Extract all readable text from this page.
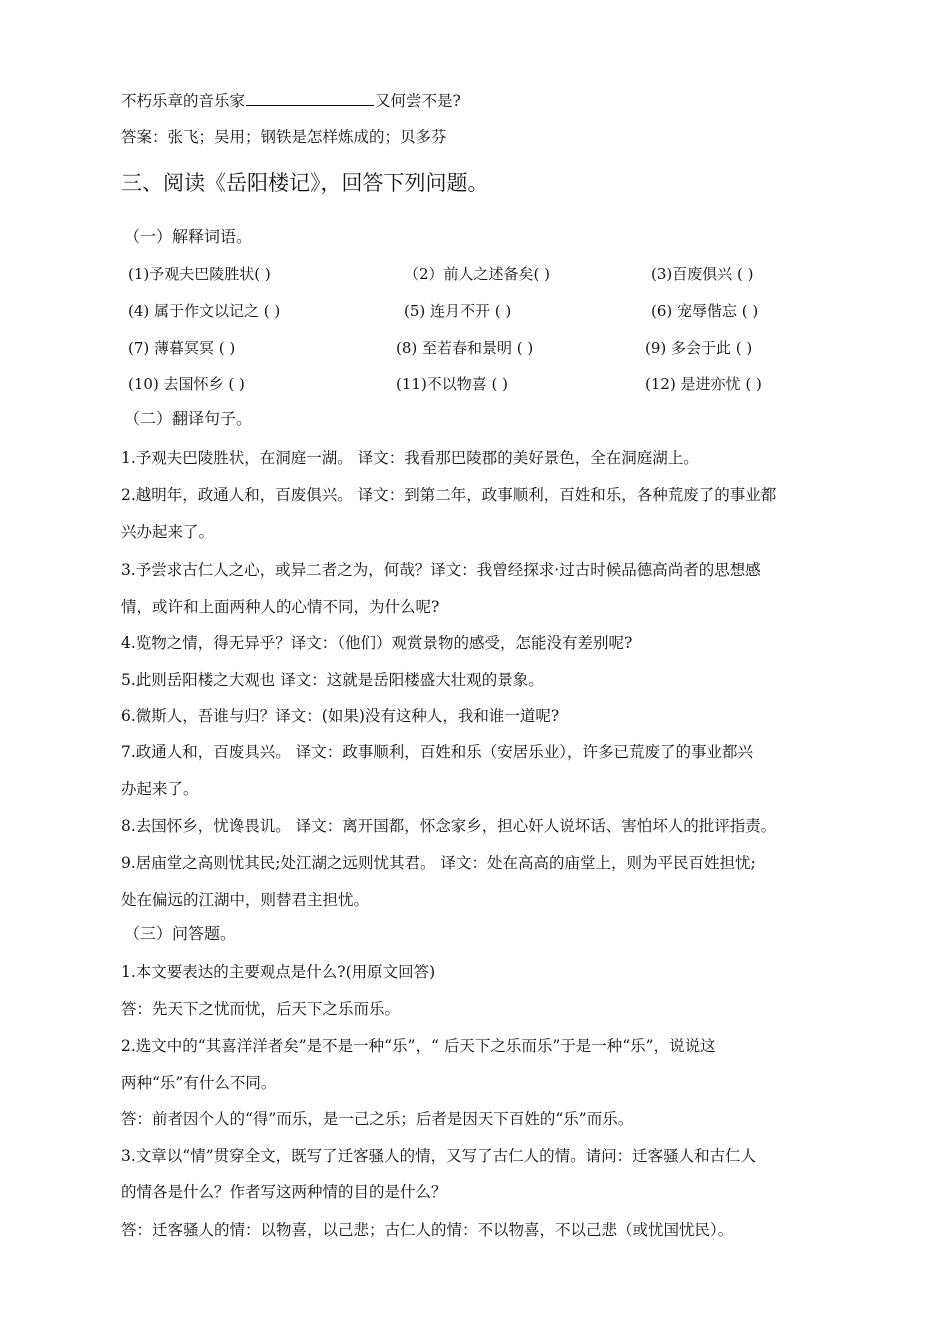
不朽乐章的音乐家	又何尝不是?
答案：张飞；吴用；钢铁是怎样炼成的；贝多芬
三、阅读《岳阳楼记》，回答下列问题。
（一）解释词语。
(1)予观夫巴陵胜状( )	（2）前人之述备矣( )	(3)百废俱兴 ( )
(4) 属于作文以记之 ( )	(5) 连月不开 ( )	(6) 宠辱偕忘 ( )
(7) 薄暮冥冥 ( )	(8) 至若春和景明 ( )	(9) 多会于此 ( )
(10) 去国怀乡 ( )	(11)不以物喜 ( )	(12) 是进亦忧 ( )
（二）翻译句子。
1.予观夫巴陵胜状，在洞庭一湖。 译文：我看那巴陵郡的美好景色，全在洞庭湖上。
2.越明年，政通人和，百废俱兴。 译文：到第二年，政事顺利，百姓和乐，各种荒废了的事业都
兴办起来了。
3.予尝求古仁人之心，或异二者之为，何哉？译文：我曾经探求·过古时候品德高尚者的思想感
情，或许和上面两种人的心情不同，为什么呢?
4.览物之情，得无异乎？译文：（他们）观赏景物的感受，怎能没有差别呢?
5.此则岳阳楼之大观也 译文：这就是岳阳楼盛大壮观的景象。
6.微斯人，吾谁与归？译文：(如果)没有这种人，我和谁一道呢?
7.政通人和，百废具兴。 译文：政事顺利，百姓和乐（安居乐业），许多已荒废了的事业都兴
办起来了。
8.去国怀乡，忧谗畏讥。 译文：离开国都，怀念家乡，担心奸人说坏话、害怕坏人的批评指责。
9.居庙堂之高则忧其民;处江湖之远则忧其君。 译文：处在高高的庙堂上，则为平民百姓担忧;
处在偏远的江湖中，则替君主担忧。
（三）问答题。
1.本文要表达的主要观点是什么?(用原文回答)
答：先天下之忧而忧，后天下之乐而乐。
2.选文中的“其喜洋洋者矣”是不是一种“乐”，“ 后天下之乐而乐”于是一种“乐”，说说这
两种“乐”有什么不同。
答：前者因个人的“得”而乐，是一己之乐；后者是因天下百姓的“乐”而乐。
3.文章以“情”贯穿全文，既写了迁客骚人的情，又写了古仁人的情。请问：迁客骚人和古仁人
的情各是什么？作者写这两种情的目的是什么？
答：迁客骚人的情：以物喜，以己悲；古仁人的情：不以物喜，不以己悲（或忧国忧民）。
